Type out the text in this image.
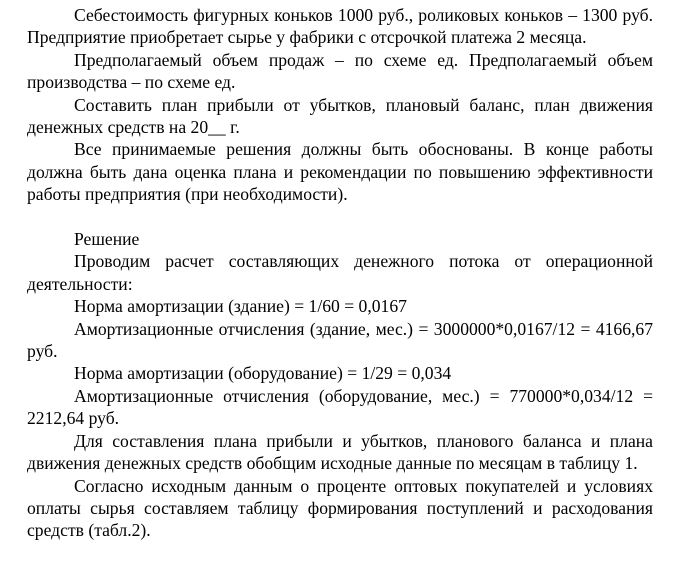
Себестоимость фигурных коньков 1000 руб., роликовых коньков – 1300 руб. Предприятие приобретает сырье у фабрики с отсрочкой платежа 2 месяца.

Предполагаемый объем продаж – по схеме ед. Предполагаемый объем производства – по схеме ед.

Составить план прибыли от убытков, плановый баланс, план движения денежных средств на 20__ г.

Все принимаемые решения должны быть обоснованы. В конце работы должна быть дана оценка плана и рекомендации по повышению эффективности работы предприятия (при необходимости).

Решение

Проводим расчет составляющих денежного потока от операционной деятельности:

Норма амортизации (здание) = 1/60 = 0,0167

Амортизационные отчисления (здание, мес.) = 3000000*0,0167/12 = 4166,67 руб.

Норма амортизации (оборудование) = 1/29 = 0,034

Амортизационные отчисления (оборудование, мес.) = 770000*0,034/12 = 2212,64 руб.

Для составления плана прибыли и убытков, планового баланса и плана движения денежных средств обобщим исходные данные по месяцам в таблицу 1.

Согласно исходным данным о проценте оптовых покупателей и условиях оплаты сырья составляем таблицу формирования поступлений и расходования средств (табл.2).
